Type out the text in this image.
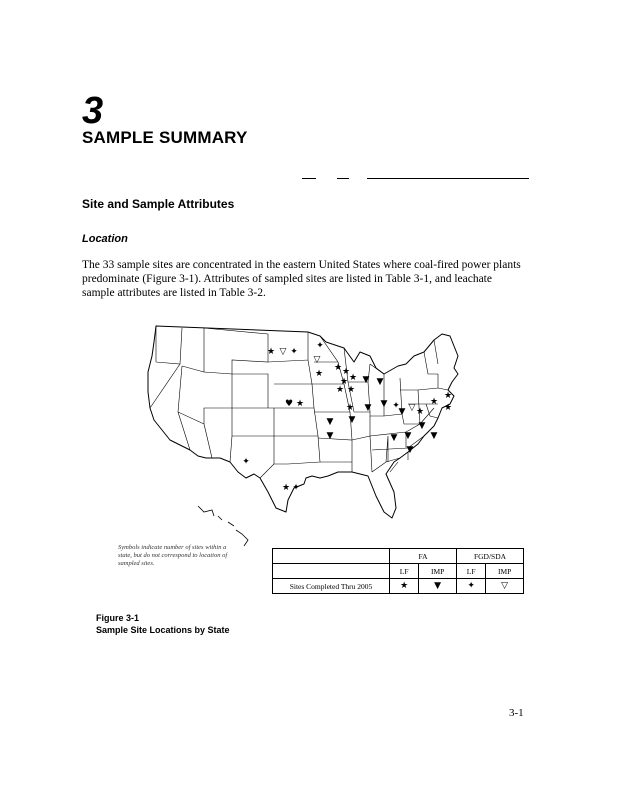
3
SAMPLE SUMMARY
Site and Sample Attributes
Location
The 33 sample sites are concentrated in the eastern United States where coal-fired power plants predominate (Figure 3-1). Attributes of sampled sites are listed in Table 3-1, and leachate sample attributes are listed in Table 3-2.
★ ▽ ✦
✦
▽
★
★ ★
★ ★
★ ★
▼ ▼
♥ ★	★
▼
▼ ▼ ✦
▼ ▽ ★
★
★
★
▼
▼
▼
▼
▼
▼
▼
✦
★ ✦
Symbols indicate number of sites within a state, but do not correspond to location of sampled sites.
	FA		FGD/SDA	
	LF	IMP	LF	IMP
Sites Completed Thru 2005	★	▼	✦	▽
Figure 3-1
Sample Site Locations by State
3-1
